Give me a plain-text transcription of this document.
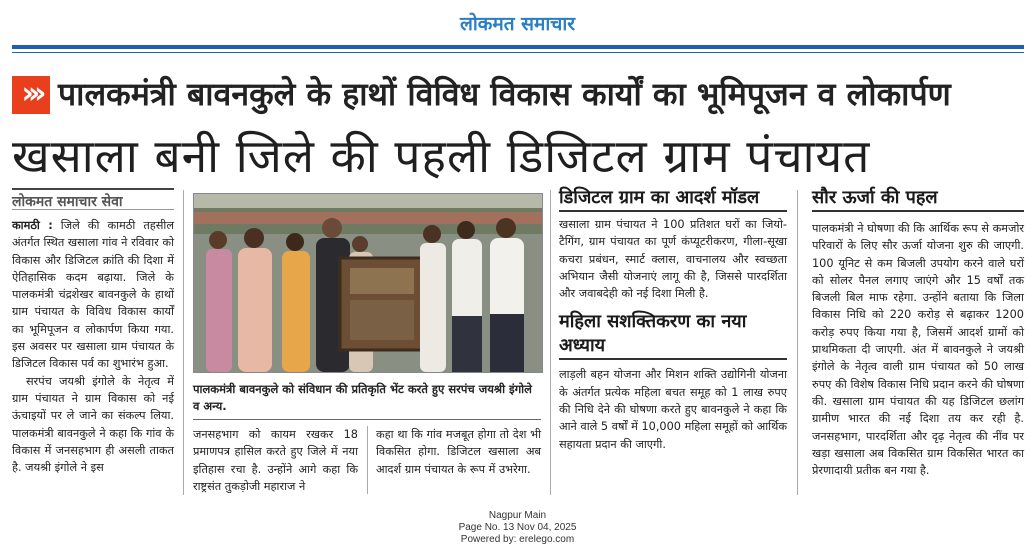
लोकमत समाचार
››› पालकमंत्री बावनकुले के हाथों विविध विकास कार्यों का भूमिपूजन व लोकार्पण
खसाला बनी जिले की पहली डिजिटल ग्राम पंचायत
लोकमत समाचार सेवा
कामठी : जिले की कामठी तहसील अंतर्गत स्थित खसाला गांव ने रविवार को विकास और डिजिटल क्रांति की दिशा में ऐतिहासिक कदम बढ़ाया. जिले के पालकमंत्री चंद्रशेखर बावनकुले के हाथों ग्राम पंचायत के विविध विकास कार्यों का भूमिपूजन व लोकार्पण किया गया. इस अवसर पर खसाला ग्राम पंचायत के डिजिटल विकास पर्व का शुभारंभ हुआ.
सरपंच जयश्री इंगोले के नेतृत्व में ग्राम पंचायत ने ग्राम विकास को नई ऊंचाइयों पर ले जाने का संकल्प लिया. पालकमंत्री बावनकुले ने कहा कि गांव के विकास में जनसहभाग ही असली ताकत है. जयश्री इंगोले ने इस
पालकमंत्री बावनकुले को संविधान की प्रतिकृति भेंट करते हुए सरपंच जयश्री इंगोले व अन्य.
जनसहभाग को कायम रखकर 18 प्रमाणपत्र हासिल करते हुए जिले में नया इतिहास रचा है. उन्होंने आगे कहा कि राष्ट्रसंत तुकड़ोजी महाराज ने
कहा था कि गांव मजबूत होगा तो देश भी विकसित होगा. डिजिटल खसाला अब आदर्श ग्राम पंचायत के रूप में उभरेगा.
डिजिटल ग्राम का आदर्श मॉडल
खसाला ग्राम पंचायत ने 100 प्रतिशत घरों का जियो-टैगिंग, ग्राम पंचायत का पूर्ण कंप्यूटरीकरण, गीला-सूखा कचरा प्रबंधन, स्मार्ट क्लास, वाचनालय और स्वच्छता अभियान जैसी योजनाएं लागू की है, जिससे पारदर्शिता और जवाबदेही को नई दिशा मिली है.
महिला सशक्तिकरण का नया अध्याय
लाड़ली बहन योजना और मिशन शक्ति उद्योगिनी योजना के अंतर्गत प्रत्येक महिला बचत समूह को 1 लाख रुपए की निधि देने की घोषणा करते हुए बावनकुले ने कहा कि आने वाले 5 वर्षों में 10,000 महिला समूहों को आर्थिक सहायता प्रदान की जाएगी.
सौर ऊर्जा की पहल
पालकमंत्री ने घोषणा की कि आर्थिक रूप से कमजोर परिवारों के लिए सौर ऊर्जा योजना शुरु की जाएगी. 100 यूनिट से कम बिजली उपयोग करने वाले घरों को सोलर पैनल लगाए जाएंगे और 15 वर्षों तक बिजली बिल माफ रहेगा. उन्होंने बताया कि जिला विकास निधि को 220 करोड़ से बढ़ाकर 1200 करोड़ रुपए किया गया है, जिसमें आदर्श ग्रामों को प्राथमिकता दी जाएगी. अंत में बावनकुले ने जयश्री इंगोले के नेतृत्व वाली ग्राम पंचायत को 50 लाख रुपए की विशेष विकास निधि प्रदान करने की घोषणा की. खसाला ग्राम पंचायत की यह डिजिटल छलांग ग्रामीण भारत की नई दिशा तय कर रही है. जनसहभाग, पारदर्शिता और दृढ़ नेतृत्व की नींव पर खड़ा खसाला अब विकसित ग्राम विकसित भारत का प्रेरणादायी प्रतीक बन गया है.
Nagpur Main
Page No. 13 Nov 04, 2025
Powered by: erelego.com
